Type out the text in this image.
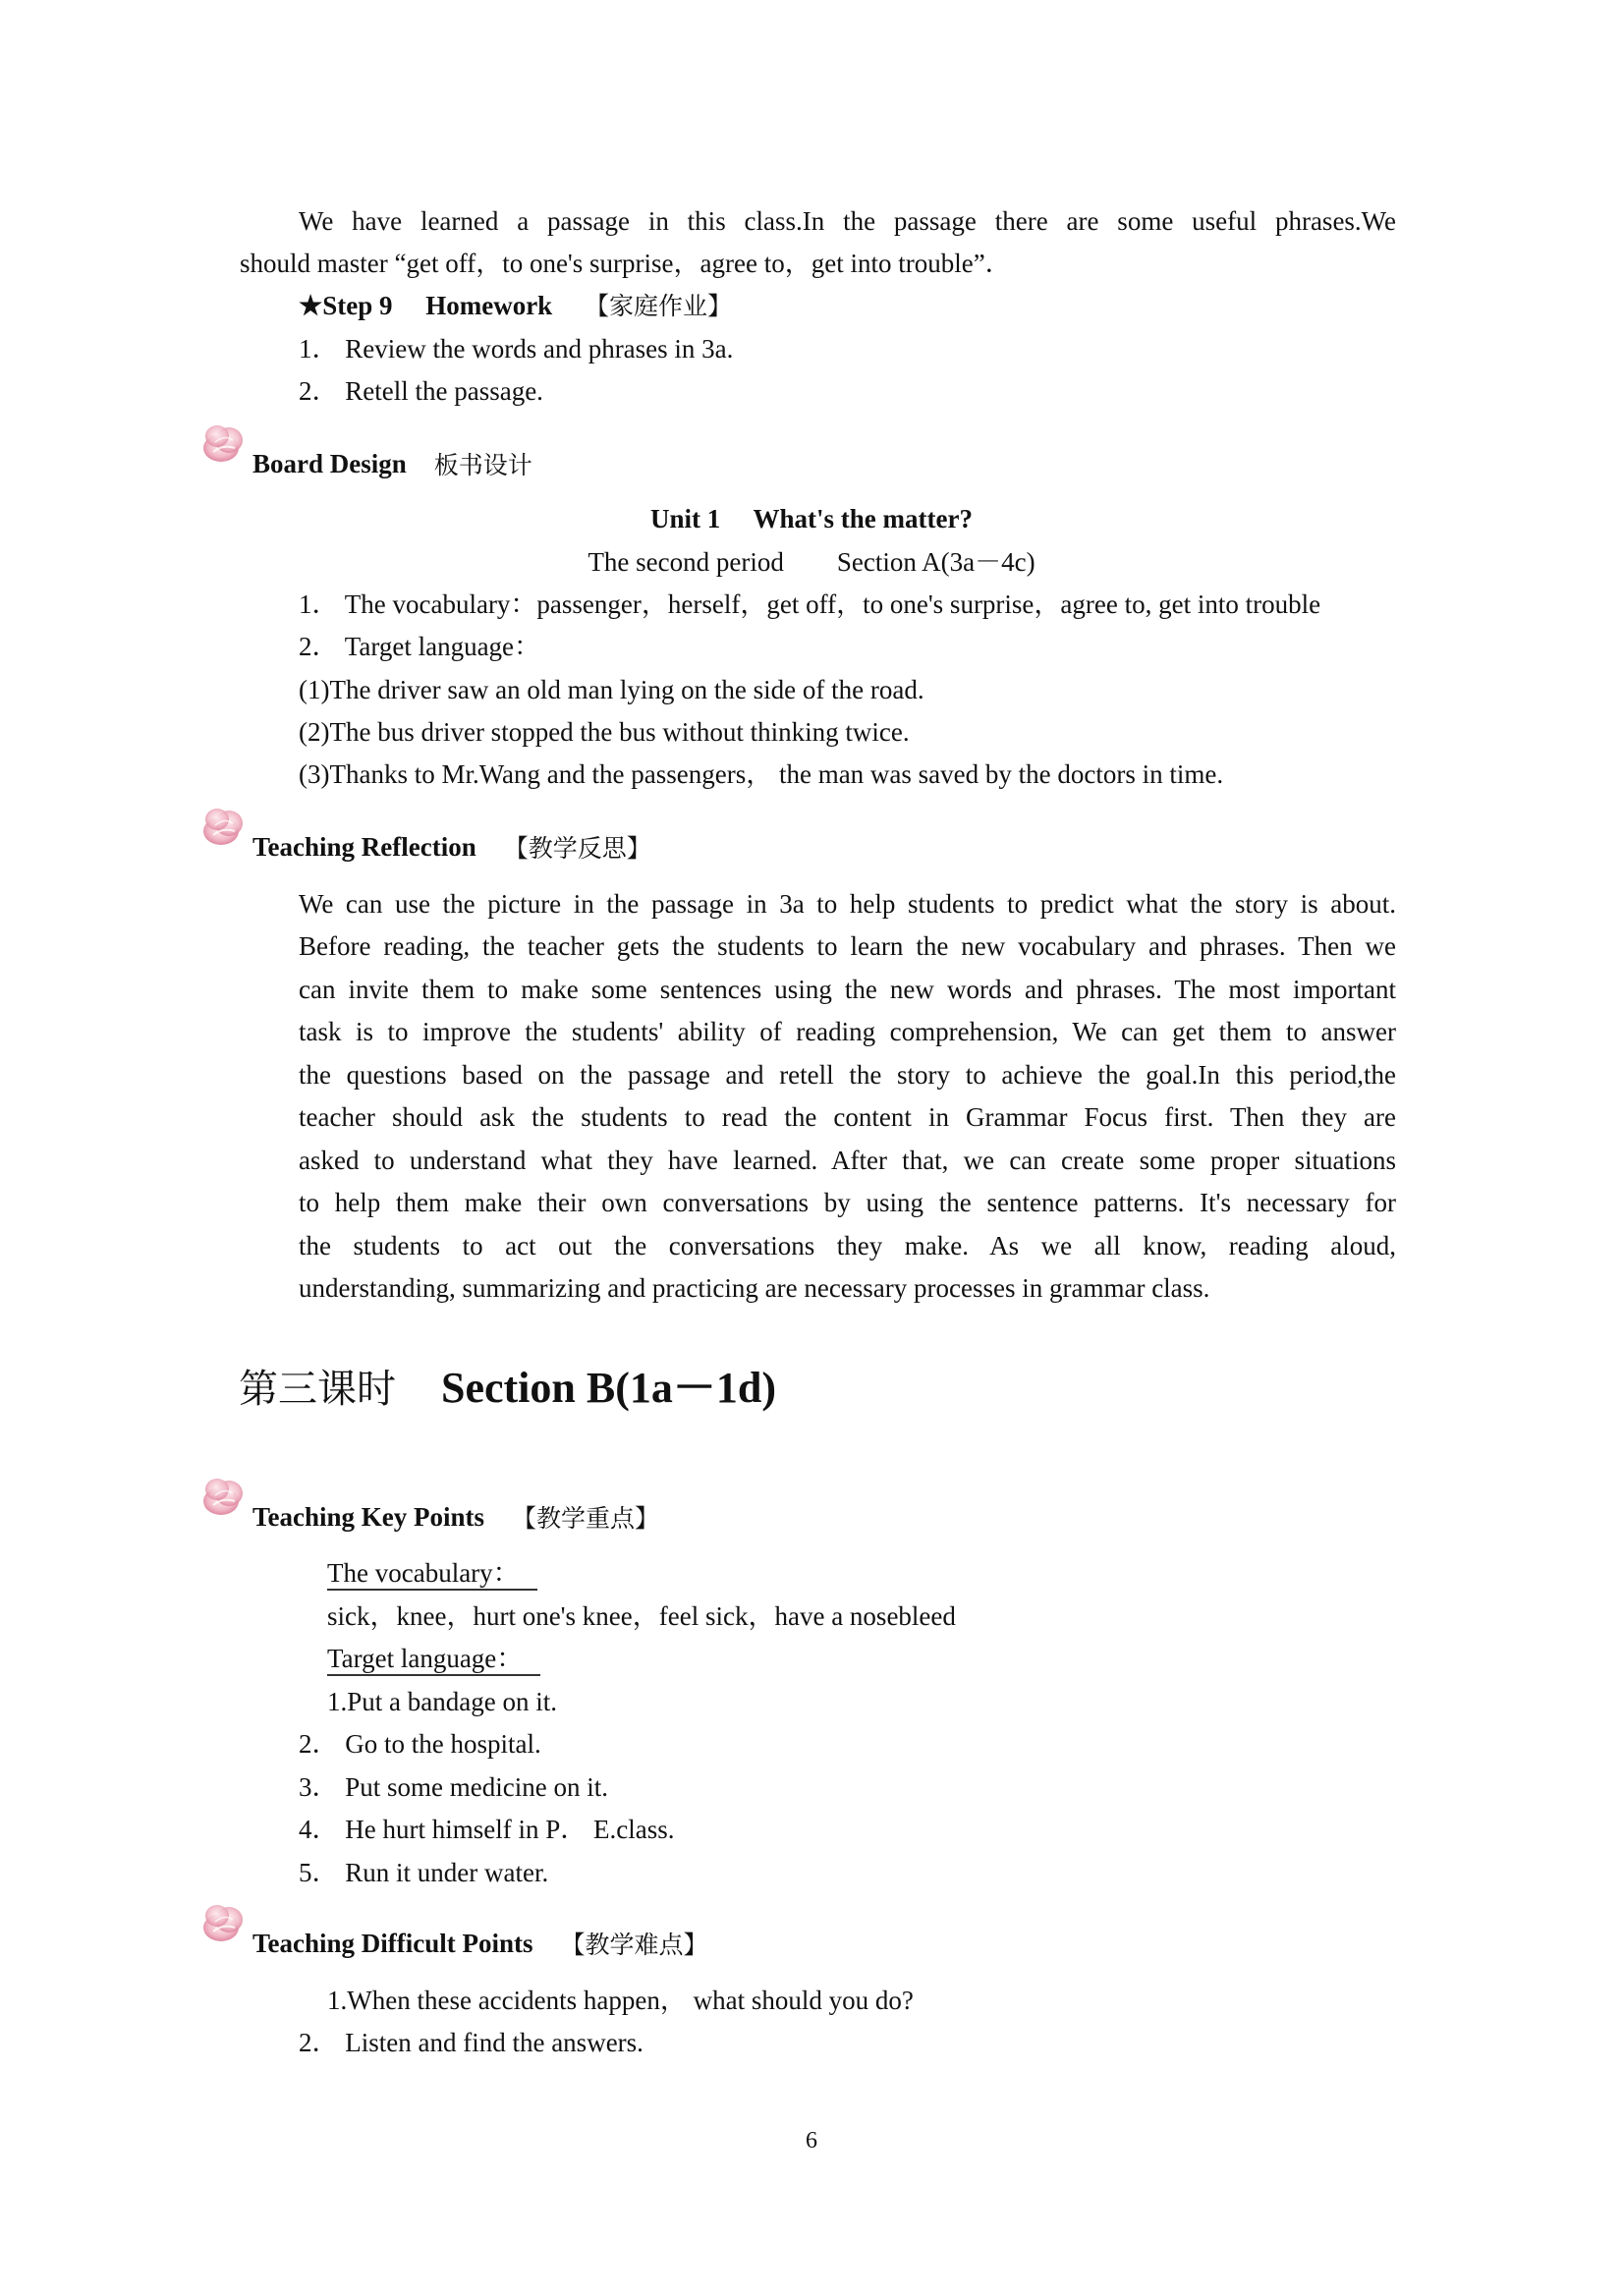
We have learned a passage in this class.In the passage there are some useful phrases.We
should master “get off，to one's surprise，agree to，get into trouble”．
★Step 9  Homework 【家庭作业】
1． Review the words and phrases in 3a.
2． Retell the passage.
Board Design 板书设计
Unit 1  What's the matter?
The second period  Section A(3a－4c)
1． The vocabulary：passenger，herself，get off，to one's surprise，agree to, get into trouble
2． Target language：
(1)The driver saw an old man lying on the side of the road.
(2)The bus driver stopped the bus without thinking twice.
(3)Thanks to Mr.Wang and the passengers， the man was saved by the doctors in time.
Teaching Reflection 【教学反思】
We can use the picture in the passage in 3a to help students to predict what the story is about.
Before reading, the teacher gets the students to learn the new vocabulary and phrases. Then we
can invite them to make some sentences using the new words and phrases. The most important
task is to improve the students' ability of reading comprehension, We can get them to answer
the questions based on the passage and retell the story to achieve the goal.In this period,the
teacher should ask the students to read the content in Grammar Focus first. Then they are
asked to understand what they have learned. After that, we can create some proper situations
to help them make their own conversations by using the sentence patterns. It's necessary for
the students to act out the conversations they make. As we all know, reading aloud,
understanding, summarizing and practicing are necessary processes in grammar class.
第三课时 Section B(1a－1d)
Teaching Key Points 【教学重点】
The vocabulary：
sick，knee，hurt one's knee，feel sick，have a nosebleed
Target language：
1.Put a bandage on it.
2． Go to the hospital.
3． Put some medicine on it.
4． He hurt himself in P． E.class.
5． Run it under water.
Teaching Difficult Points 【教学难点】
1.When these accidents happen， what should you do?
2． Listen and find the answers.
6
